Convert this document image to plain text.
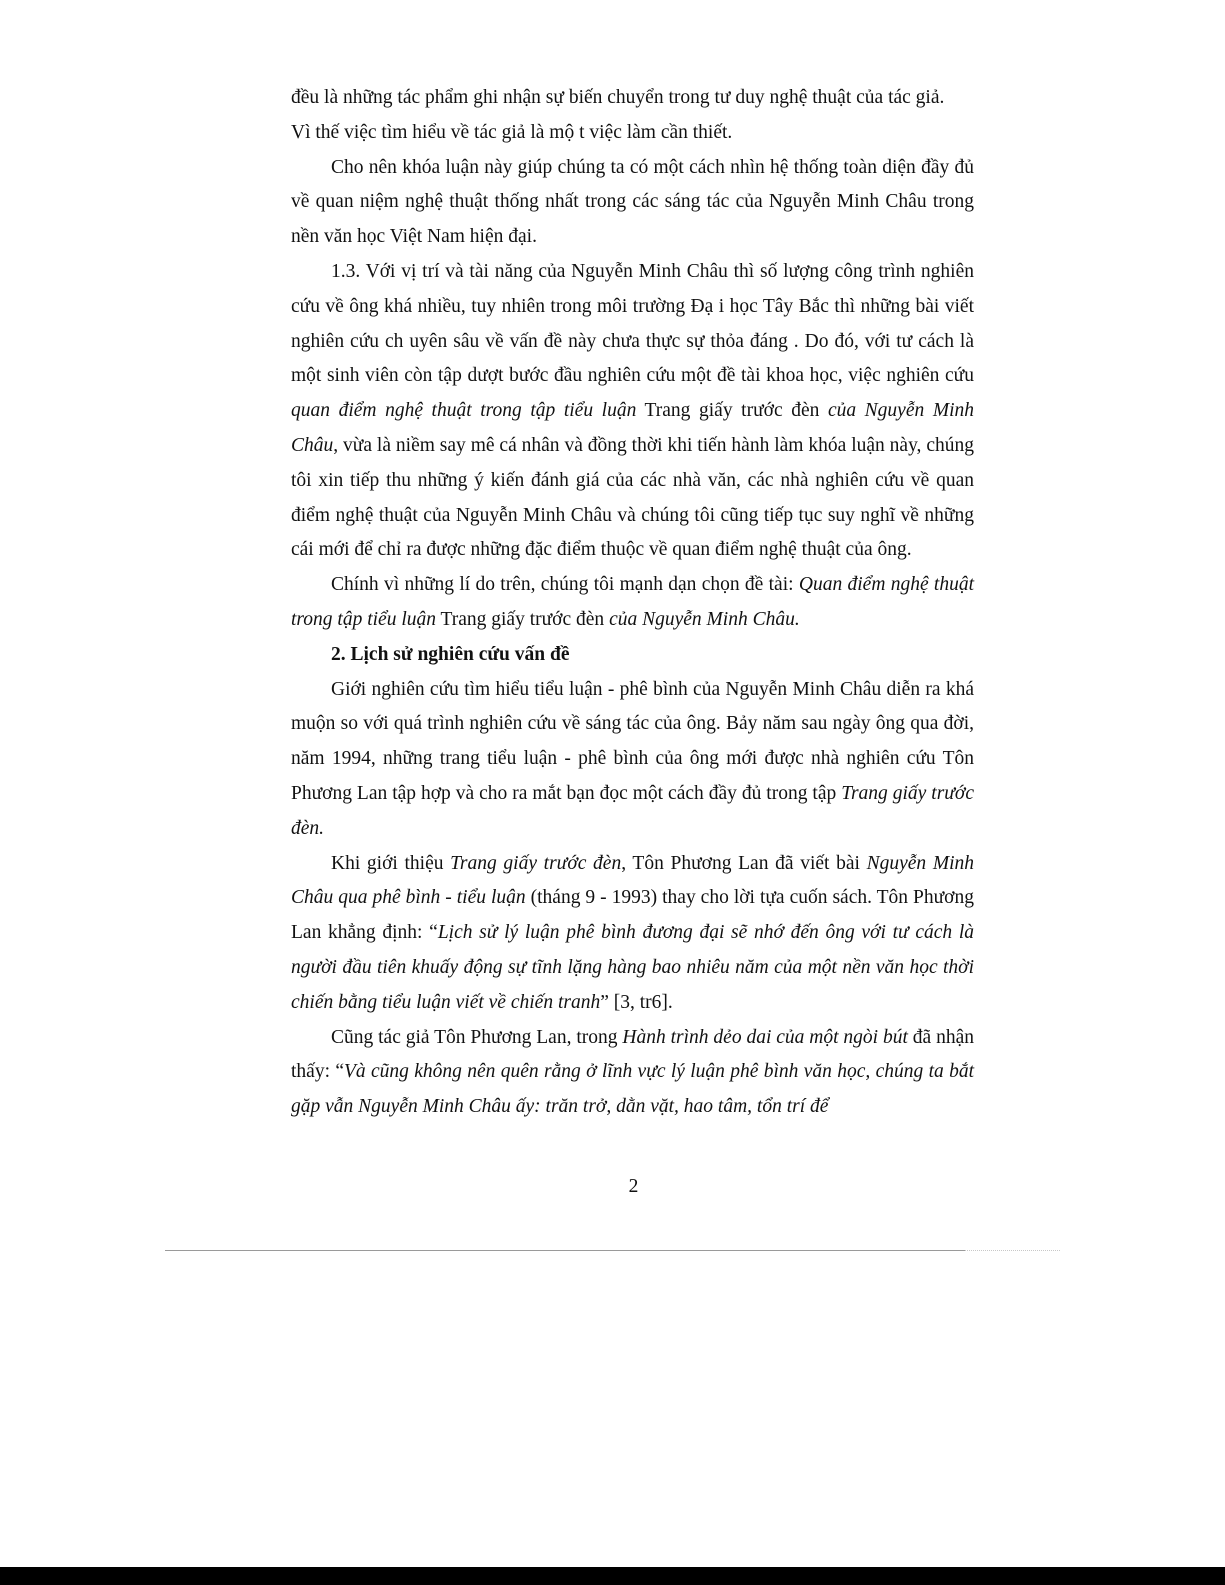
đều là những tác phẩm ghi nhận sự biến chuyển trong tư duy nghệ thuật của tác giả.
Vì thế việc tìm hiểu về tác giả là mộ t việc làm cần thiết.

Cho nên khóa luận này giúp chúng ta có một cách nhìn hệ thống toàn diện đầy đủ về quan niệm nghệ thuật thống nhất trong các sáng tác của Nguyễn Minh Châu trong nền văn học Việt Nam hiện đại.

1.3. Với vị trí và tài năng của Nguyễn Minh Châu thì số lượng công trình nghiên cứu về ông khá nhiều, tuy nhiên trong môi trường Đạ i học Tây Bắc thì những bài viết nghiên cứu ch uyên sâu về vấn đề này chưa thực sự thỏa đáng . Do đó, với tư cách là một sinh viên còn tập dượt bước đầu nghiên cứu một đề tài khoa học, việc nghiên cứu quan điểm nghệ thuật trong tập tiểu luận Trang giấy trước đèn của Nguyễn Minh Châu, vừa là niềm say mê cá nhân và đồng thời khi tiến hành làm khóa luận này, chúng tôi xin tiếp thu những ý kiến đánh giá của các nhà văn, các nhà nghiên cứu về quan điểm nghệ thuật của Nguyễn Minh Châu và chúng tôi cũng tiếp tục suy nghĩ về những cái mới để chỉ ra được những đặc điểm thuộc về quan điểm nghệ thuật của ông.

Chính vì những lí do trên, chúng tôi mạnh dạn chọn đề tài: Quan điểm nghệ thuật trong tập tiểu luận Trang giấy trước đèn của Nguyễn Minh Châu.

2. Lịch sử nghiên cứu vấn đề

Giới nghiên cứu tìm hiểu tiểu luận - phê bình của Nguyễn Minh Châu diễn ra khá muộn so với quá trình nghiên cứu về sáng tác của ông. Bảy năm sau ngày ông qua đời, năm 1994, những trang tiểu luận - phê bình của ông mới được nhà nghiên cứu Tôn Phương Lan tập hợp và cho ra mắt bạn đọc một cách đầy đủ trong tập Trang giấy trước đèn.

Khi giới thiệu Trang giấy trước đèn, Tôn Phương Lan đã viết bài Nguyễn Minh Châu qua phê bình - tiểu luận (tháng 9 - 1993) thay cho lời tựa cuốn sách. Tôn Phương Lan khẳng định: “Lịch sử lý luận phê bình đương đại sẽ nhớ đến ông với tư cách là người đầu tiên khuấy động sự tĩnh lặng hàng bao nhiêu năm của một nền văn học thời chiến bằng tiểu luận viết về chiến tranh” [3, tr6].

Cũng tác giả Tôn Phương Lan, trong Hành trình dẻo dai của một ngòi bút đã nhận thấy: “Và cũng không nên quên rằng ở lĩnh vực lý luận phê bình văn học, chúng ta bắt gặp vẫn Nguyễn Minh Châu ấy: trăn trở, dằn vặt, hao tâm, tổn trí để

2
